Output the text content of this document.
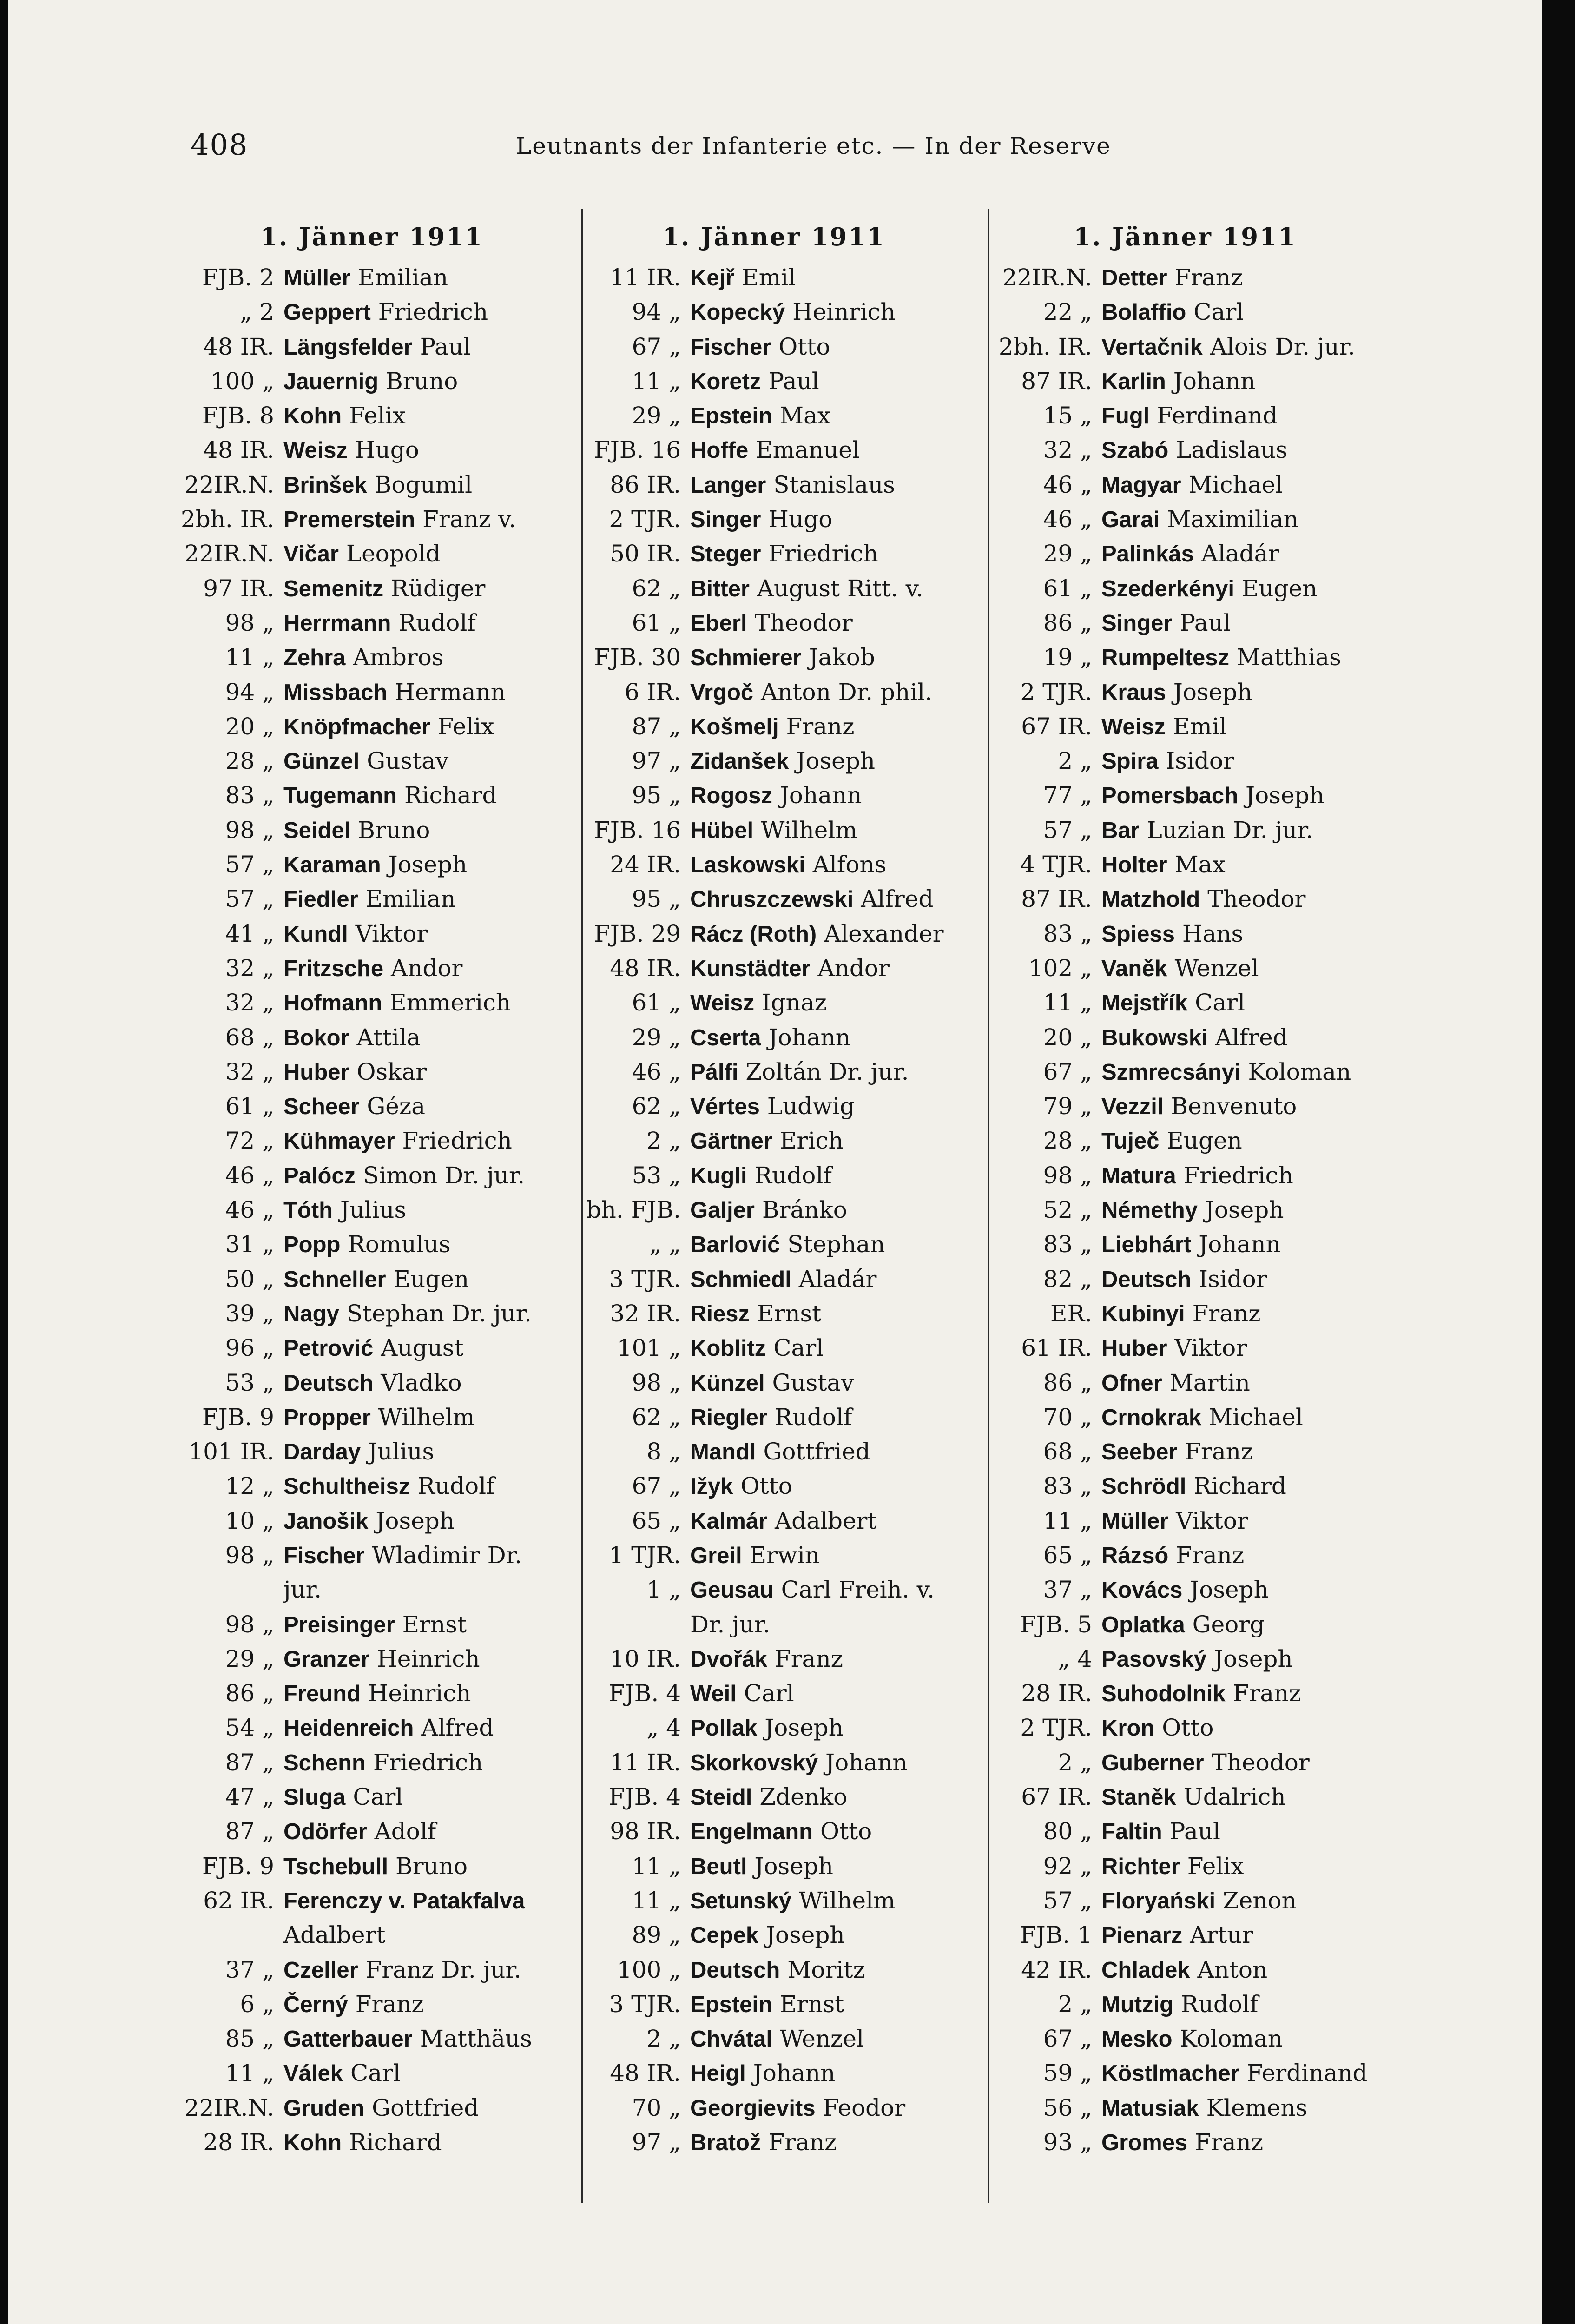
408	Leutnants der Infanterie etc. — In der Reserve
1. Jänner 1911
FJB. 2 Müller Emilian
„ 2 Geppert Friedrich
48 IR. Längsfelder Paul
100 „ Jauernig Bruno
FJB. 8 Kohn Felix
48 IR. Weisz Hugo
22IR.N. Brinšek Bogumil
2bh. IR. Premerstein Franz v.
22IR.N. Vičar Leopold
97 IR. Semenitz Rüdiger
98 „ Herrmann Rudolf
11 „ Zehra Ambros
94 „ Missbach Hermann
20 „ Knöpfmacher Felix
28 „ Günzel Gustav
83 „ Tugemann Richard
98 „ Seidel Bruno
57 „ Karaman Joseph
57 „ Fiedler Emilian
41 „ Kundl Viktor
32 „ Fritzsche Andor
32 „ Hofmann Emmerich
68 „ Bokor Attila
32 „ Huber Oskar
61 „ Scheer Géza
72 „ Kühmayer Friedrich
46 „ Palócz Simon Dr. jur.
46 „ Tóth Julius
31 „ Popp Romulus
50 „ Schneller Eugen
39 „ Nagy Stephan Dr. jur.
96 „ Petrović August
53 „ Deutsch Vladko
FJB. 9 Propper Wilhelm
101 IR. Darday Julius
12 „ Schultheisz Rudolf
10 „ Janošik Joseph
98 „ Fischer Wladimir Dr.
jur.
98 „ Preisinger Ernst
29 „ Granzer Heinrich
86 „ Freund Heinrich
54 „ Heidenreich Alfred
87 „ Schenn Friedrich
47 „ Sluga Carl
87 „ Odörfer Adolf
FJB. 9 Tschebull Bruno
62 IR. Ferenczy v. Patakfalva
Adalbert
37 „ Czeller Franz Dr. jur.
6 „ Černý Franz
85 „ Gatterbauer Matthäus
11 „ Válek Carl
22IR.N. Gruden Gottfried
28 IR. Kohn Richard
1. Jänner 1911
11 IR. Kejř Emil
94 „ Kopecký Heinrich
67 „ Fischer Otto
11 „ Koretz Paul
29 „ Epstein Max
FJB. 16 Hoffe Emanuel
86 IR. Langer Stanislaus
2 TJR. Singer Hugo
50 IR. Steger Friedrich
62 „ Bitter August Ritt. v.
61 „ Eberl Theodor
FJB. 30 Schmierer Jakob
6 IR. Vrgoč Anton Dr. phil.
87 „ Košmelj Franz
97 „ Zidanšek Joseph
95 „ Rogosz Johann
FJB. 16 Hübel Wilhelm
24 IR. Laskowski Alfons
95 „ Chruszczewski Alfred
FJB. 29 Rácz (Roth) Alexander
48 IR. Kunstädter Andor
61 „ Weisz Ignaz
29 „ Cserta Johann
46 „ Pálfi Zoltán Dr. jur.
62 „ Vértes Ludwig
2 „ Gärtner Erich
53 „ Kugli Rudolf
bh. FJB. Galjer Bránko
„ „ Barlović Stephan
3 TJR. Schmiedl Aladár
32 IR. Riesz Ernst
101 „ Koblitz Carl
98 „ Künzel Gustav
62 „ Riegler Rudolf
8 „ Mandl Gottfried
67 „ Ižyk Otto
65 „ Kalmár Adalbert
1 TJR. Greil Erwin
1 „ Geusau Carl Freih. v.
Dr. jur.
10 IR. Dvořák Franz
FJB. 4 Weil Carl
„ 4 Pollak Joseph
11 IR. Skorkovský Johann
FJB. 4 Steidl Zdenko
98 IR. Engelmann Otto
11 „ Beutl Joseph
11 „ Setunský Wilhelm
89 „ Cepek Joseph
100 „ Deutsch Moritz
3 TJR. Epstein Ernst
2 „ Chvátal Wenzel
48 IR. Heigl Johann
70 „ Georgievits Feodor
97 „ Bratož Franz
1. Jänner 1911
22IR.N. Detter Franz
22 „ Bolaffio Carl
2bh. IR. Vertačnik Alois Dr. jur.
87 IR. Karlin Johann
15 „ Fugl Ferdinand
32 „ Szabó Ladislaus
46 „ Magyar Michael
46 „ Garai Maximilian
29 „ Palinkás Aladár
61 „ Szederkényi Eugen
86 „ Singer Paul
19 „ Rumpeltesz Matthias
2 TJR. Kraus Joseph
67 IR. Weisz Emil
2 „ Spira Isidor
77 „ Pomersbach Joseph
57 „ Bar Luzian Dr. jur.
4 TJR. Holter Max
87 IR. Matzhold Theodor
83 „ Spiess Hans
102 „ Vaněk Wenzel
11 „ Mejstřík Carl
20 „ Bukowski Alfred
67 „ Szmrecsányi Koloman
79 „ Vezzil Benvenuto
28 „ Tuječ Eugen
98 „ Matura Friedrich
52 „ Némethy Joseph
83 „ Liebhárt Johann
82 „ Deutsch Isidor
ER. Kubinyi Franz
61 IR. Huber Viktor
86 „ Ofner Martin
70 „ Crnokrak Michael
68 „ Seeber Franz
83 „ Schrödl Richard
11 „ Müller Viktor
65 „ Rázsó Franz
37 „ Kovács Joseph
FJB. 5 Oplatka Georg
„ 4 Pasovský Joseph
28 IR. Suhodolnik Franz
2 TJR. Kron Otto
2 „ Guberner Theodor
67 IR. Staněk Udalrich
80 „ Faltin Paul
92 „ Richter Felix
57 „ Floryański Zenon
FJB. 1 Pienarz Artur
42 IR. Chladek Anton
2 „ Mutzig Rudolf
67 „ Mesko Koloman
59 „ Köstlmacher Ferdinand
56 „ Matusiak Klemens
93 „ Gromes Franz
